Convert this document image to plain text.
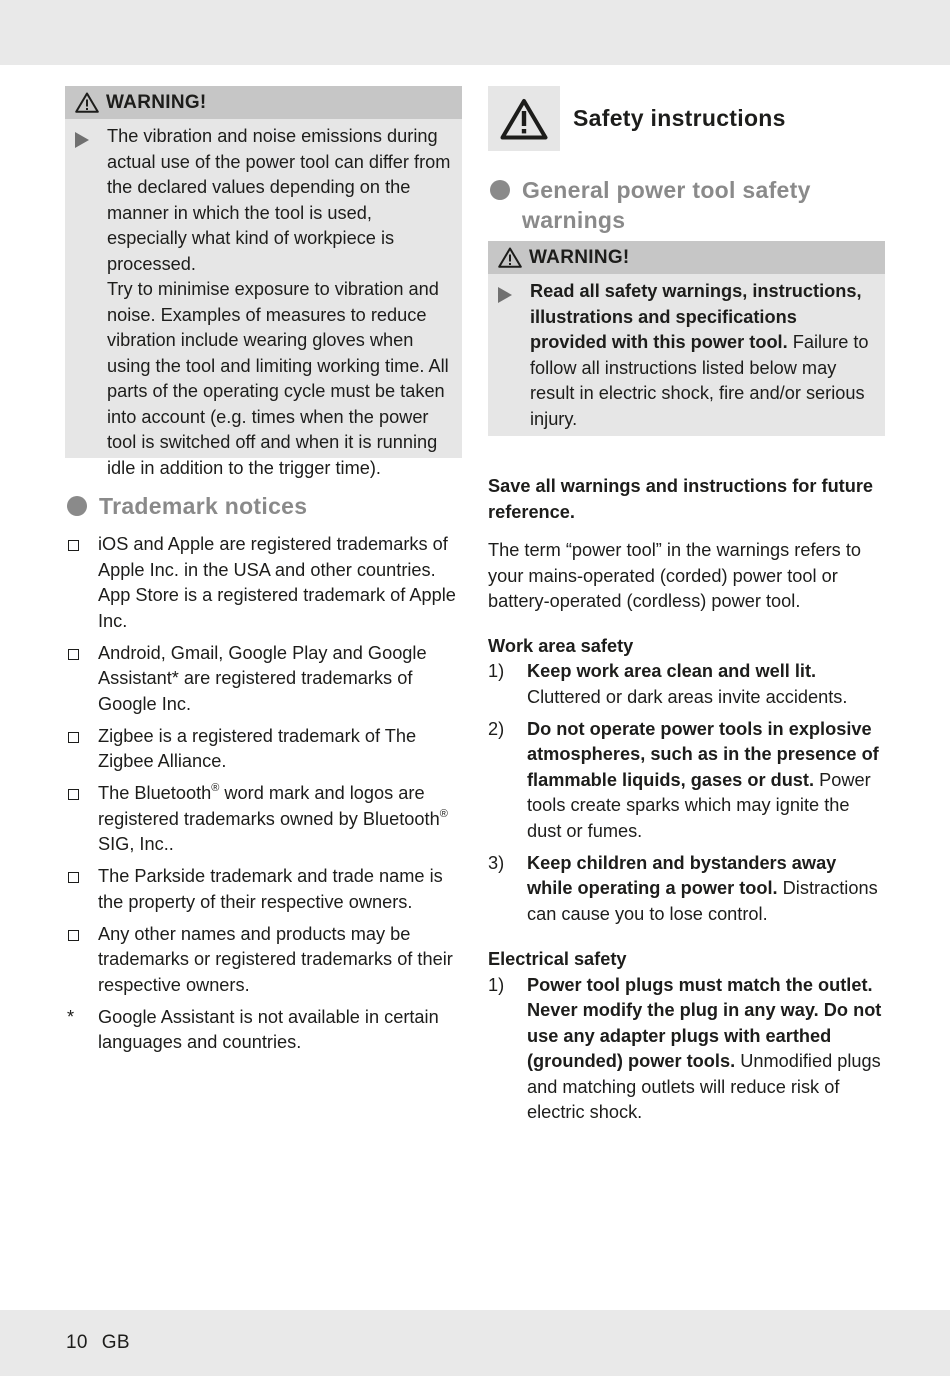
WARNING!

The vibration and noise emissions during actual use of the power tool can differ from the declared values depending on the manner in which the tool is used, especially what kind of workpiece is processed.

Try to minimise exposure to vibration and noise. Examples of measures to reduce vibration include wearing gloves when using the tool and limiting working time. All parts of the operating cycle must be taken into account (e.g. times when the power tool is switched off and when it is running idle in addition to the trigger time).

Trademark notices
iOS and Apple are registered trademarks of Apple Inc. in the USA and other countries. App Store is a registered trademark of Apple Inc.
Android, Gmail, Google Play and Google Assistant* are registered trademarks of Google Inc.
Zigbee is a registered trademark of The Zigbee Alliance.
The Bluetooth® word mark and logos are registered trademarks owned by Bluetooth® SIG, Inc..
The Parkside trademark and trade name is the property of their respective owners.
Any other names and products may be trademarks or registered trademarks of their respective owners.
*	Google Assistant is not available in certain languages and countries.
Safety instructions
General power tool safety warnings
WARNING!
Read all safety warnings, instructions, illustrations and specifications provided with this power tool. Failure to follow all instructions listed below may result in electric shock, fire and/or serious injury.

Save all warnings and instructions for future reference.

The term “power tool” in the warnings refers to your mains-operated (corded) power tool or battery-operated (cordless) power tool.

Work area safety
1)	Keep work area clean and well lit. Cluttered or dark areas invite accidents.
2)	Do not operate power tools in explosive atmospheres, such as in the presence of flammable liquids, gases or dust. Power tools create sparks which may ignite the dust or fumes.
3)	Keep children and bystanders away while operating a power tool. Distractions can cause you to lose control.
Electrical safety
1)	Power tool plugs must match the outlet. Never modify the plug in any way. Do not use any adapter plugs with earthed (grounded) power tools. Unmodified plugs and matching outlets will reduce risk of electric shock.
10 GB
